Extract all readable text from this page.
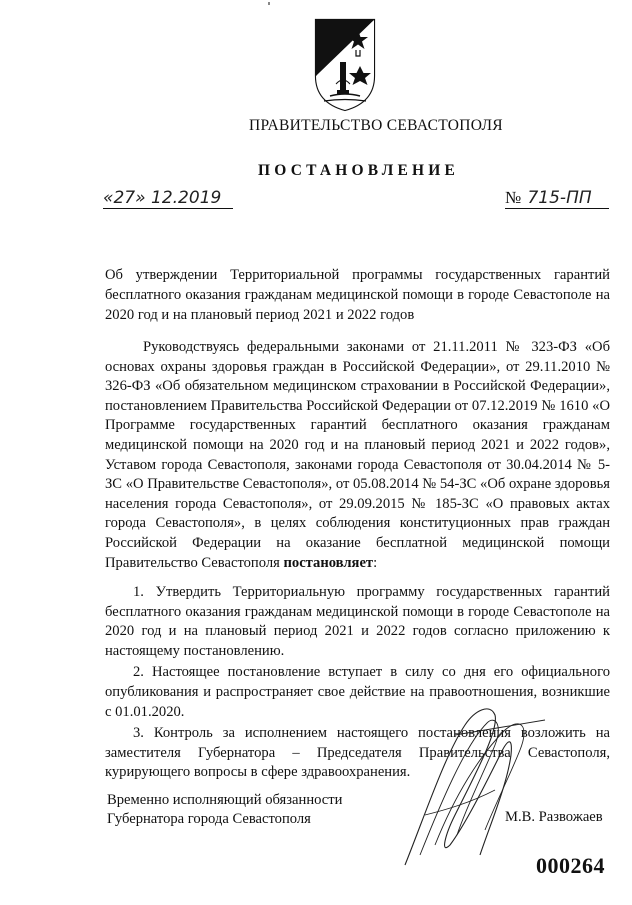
ПРАВИТЕЛЬСТВО СЕВАСТОПОЛЯ
ПОСТАНОВЛЕНИЕ
«27» 12.2019	№ 715-ПП
Об утверждении Территориальной программы государственных гарантий бесплатного оказания гражданам медицинской помощи в городе Севастополе на 2020 год и на плановый период 2021 и 2022 годов
Руководствуясь федеральными законами от 21.11.2011 № 323-ФЗ «Об основах охраны здоровья граждан в Российской Федерации», от 29.11.2010 № 326-ФЗ «Об обязательном медицинском страховании в Российской Федерации», постановлением Правительства Российской Федерации от 07.12.2019 № 1610 «О Программе государственных гарантий бесплатного оказания гражданам медицинской помощи на 2020 год и на плановый период 2021 и 2022 годов», Уставом города Севастополя, законами города Севастополя от 30.04.2014 № 5-ЗС «О Правительстве Севастополя», от 05.08.2014 № 54-ЗС «Об охране здоровья населения города Севастополя», от 29.09.2015 № 185-ЗС «О правовых актах города Севастополя», в целях соблюдения конституционных прав граждан Российской Федерации на оказание бесплатной медицинской помощи Правительство Севастополя постановляет:

1. Утвердить Территориальную программу государственных гарантий бесплатного оказания гражданам медицинской помощи в городе Севастополе на 2020 год и на плановый период 2021 и 2022 годов согласно приложению к настоящему постановлению.

2. Настоящее постановление вступает в силу со дня его официального опубликования и распространяет свое действие на правоотношения, возникшие с 01.01.2020.

3. Контроль за исполнением настоящего постановления возложить на заместителя Губернатора – Председателя Правительства Севастополя, курирующего вопросы в сфере здравоохранения.

Временно исполняющий обязанности
Губернатора города Севастополя	М.В. Развожаев
000264
